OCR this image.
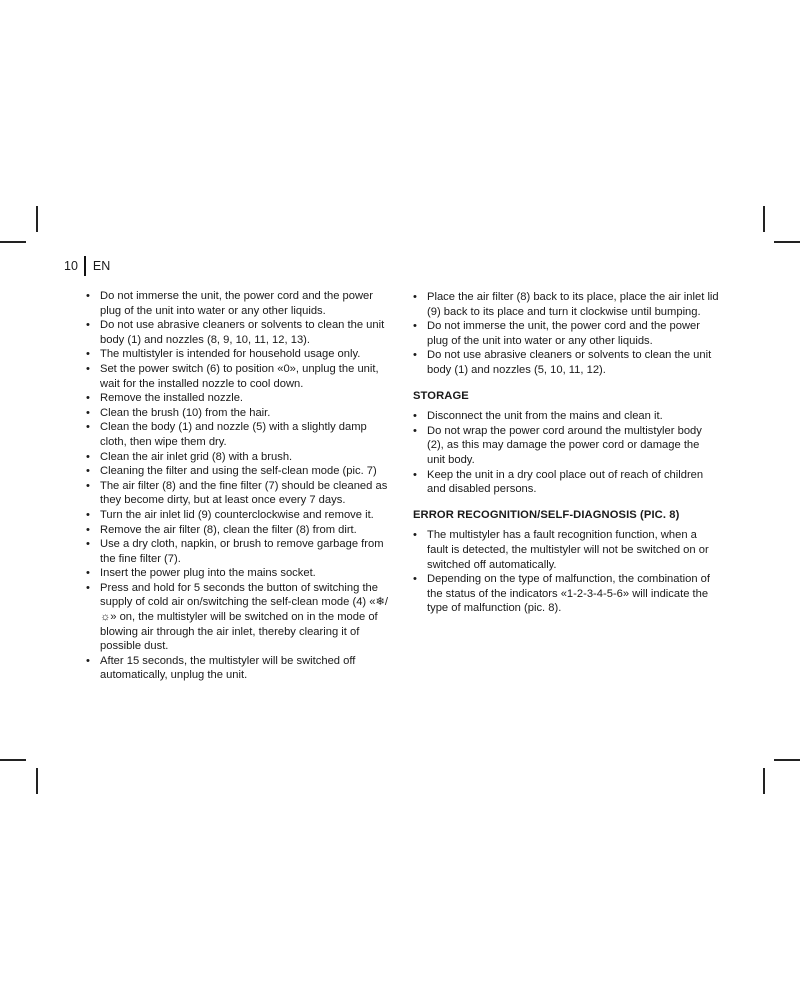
10 EN
• Do not immerse the unit, the power cord and the power plug of the unit into water or any other liquids.
• Do not use abrasive cleaners or solvents to clean the unit body (1) and nozzles (8, 9, 10, 11, 12, 13).
• The multistyler is intended for household usage only.
• Set the power switch (6) to position «0», unplug the unit, wait for the installed nozzle to cool down.
• Remove the installed nozzle.
• Clean the brush (10) from the hair.
• Clean the body (1) and nozzle (5) with a slightly damp cloth, then wipe them dry.
• Clean the air inlet grid (8) with a brush.
• Cleaning the filter and using the self-clean mode (pic. 7)
• The air filter (8) and the fine filter (7) should be cleaned as they become dirty, but at least once every 7 days.
• Turn the air inlet lid (9) counterclockwise and remove it.
• Remove the air filter (8), clean the filter (8) from dirt.
• Use a dry cloth, napkin, or brush to remove garbage from the fine filter (7).
• Insert the power plug into the mains socket.
• Press and hold for 5 seconds the button of switching the supply of cold air on/switching the self-clean mode (4) «❄/☼» on, the multistyler will be switched on in the mode of blowing air through the air inlet, thereby clearing it of possible dust.
• After 15 seconds, the multistyler will be switched off automatically, unplug the unit.
• Place the air filter (8) back to its place, place the air inlet lid (9) back to its place and turn it clockwise until bumping.
• Do not immerse the unit, the power cord and the power plug of the unit into water or any other liquids.
• Do not use abrasive cleaners or solvents to clean the unit body (1) and nozzles (5, 10, 11, 12).
STORAGE
• Disconnect the unit from the mains and clean it.
• Do not wrap the power cord around the multistyler body (2), as this may damage the power cord or damage the unit body.
• Keep the unit in a dry cool place out of reach of children and disabled persons.
ERROR RECOGNITION/SELF-DIAGNOSIS (PIC. 8)
• The multistyler has a fault recognition function, when a fault is detected, the multistyler will not be switched on or switched off automatically.
• Depending on the type of malfunction, the combination of the status of the indicators «1-2-3-4-5-6» will indicate the type of malfunction (pic. 8).
